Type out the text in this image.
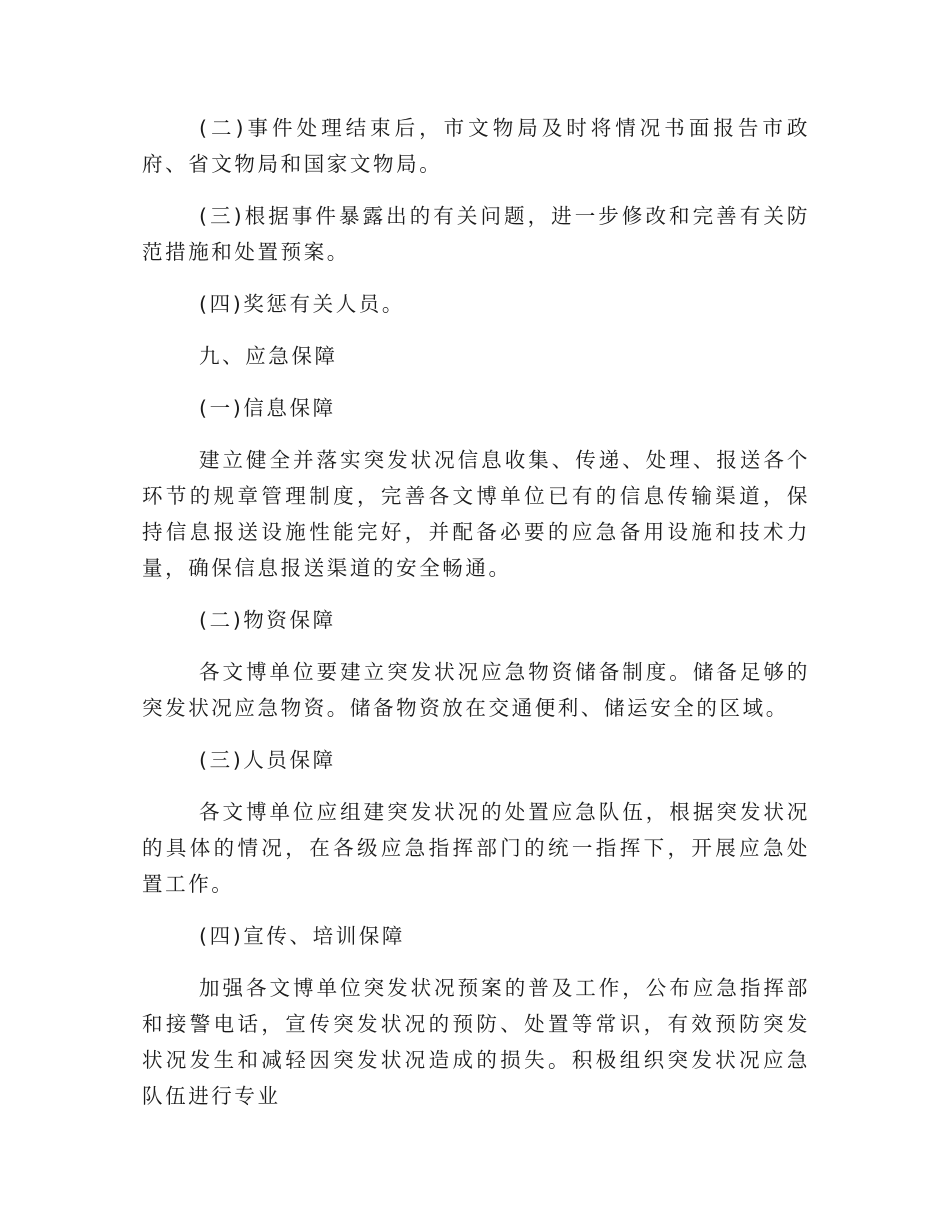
(二)事件处理结束后，市文物局及时将情况书面报告市政府、省文物局和国家文物局。

(三)根据事件暴露出的有关问题，进一步修改和完善有关防范措施和处置预案。

(四)奖惩有关人员。

九、应急保障

(一)信息保障

建立健全并落实突发状况信息收集、传递、处理、报送各个环节的规章管理制度，完善各文博单位已有的信息传输渠道，保持信息报送设施性能完好，并配备必要的应急备用设施和技术力量，确保信息报送渠道的安全畅通。

(二)物资保障

各文博单位要建立突发状况应急物资储备制度。储备足够的突发状况应急物资。储备物资放在交通便利、储运安全的区域。

(三)人员保障

各文博单位应组建突发状况的处置应急队伍，根据突发状况的具体的情况，在各级应急指挥部门的统一指挥下，开展应急处置工作。

(四)宣传、培训保障

加强各文博单位突发状况预案的普及工作，公布应急指挥部和接警电话，宣传突发状况的预防、处置等常识，有效预防突发状况发生和减轻因突发状况造成的损失。积极组织突发状况应急队伍进行专业
